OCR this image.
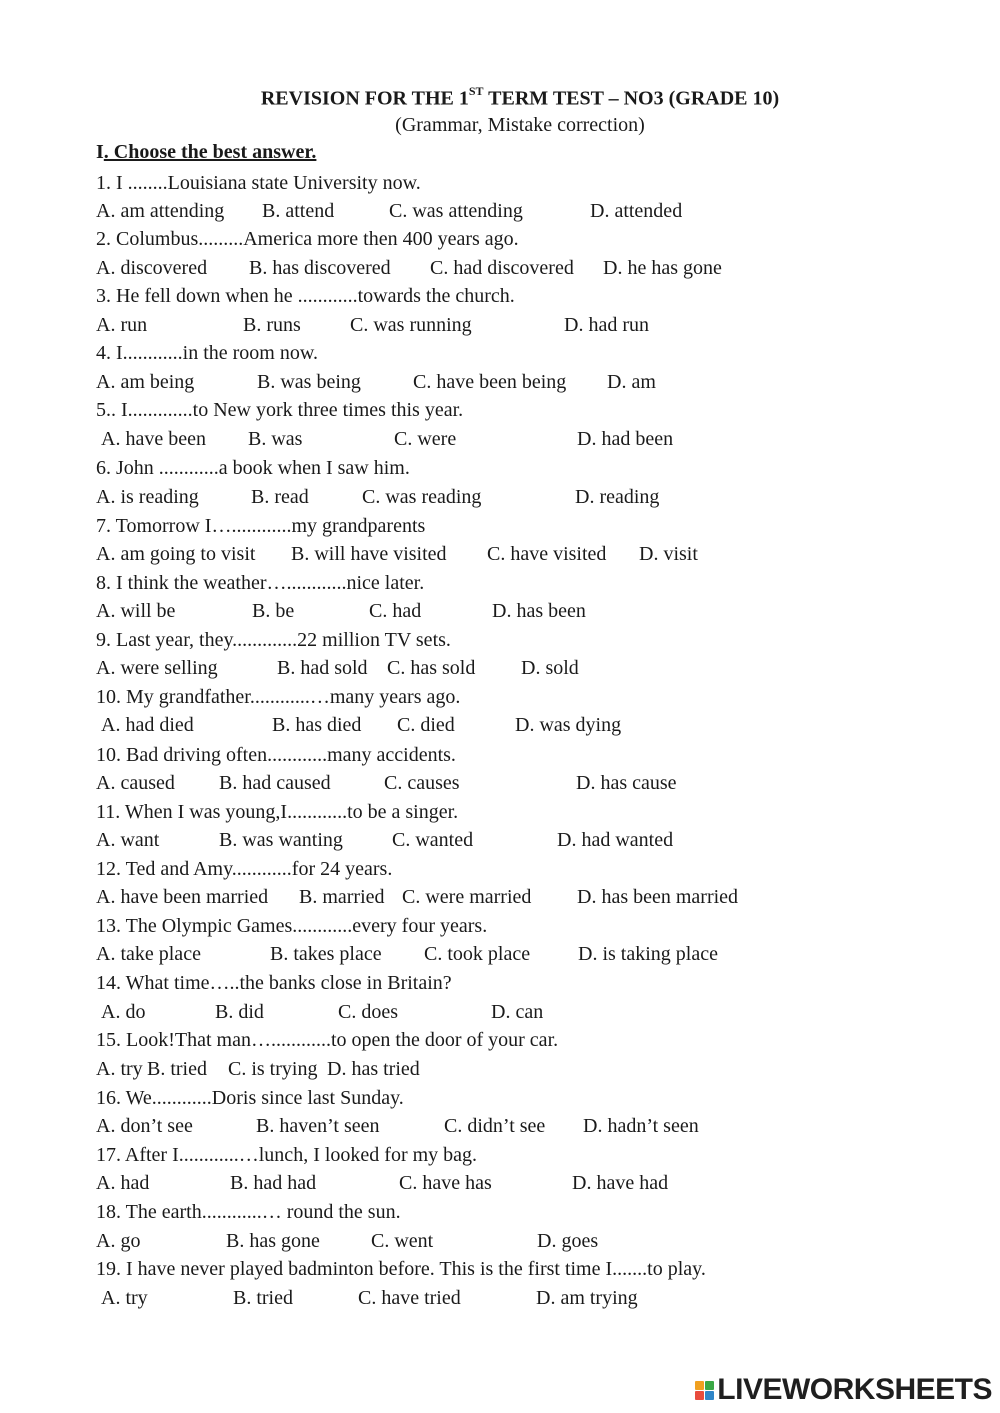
REVISION FOR THE 1ST TERM TEST – NO3 (GRADE 10)
(Grammar, Mistake correction)
I. Choose the best answer.
1. I ........Louisiana state University now.
A. am attending B. attend	C. was attending	D. attended
2. Columbus.........America more then 400 years ago.
A. discovered B. has discovered C. had discovered D. he has gone
3. He fell down when he ............towards the church.
A. run	B. runs C. was running	D. had run
4. I............in the room now.
A. am being	B. was being	C. have been being D. am
5.. I.............to New york three times this year.
A. have been B. was	C. were	D. had been
6. John ............a book when I saw him.
A. is reading	B. read	C. was reading	D. reading
7. Tomorrow I…............my grandparents
A. am going to visit B. will have visited C. have visited D. visit
8. I think the weather…............nice later.
A. will be	B. be	C. had	D. has been
9. Last year, they.............22 million TV sets.
A. were selling	B. had sold C. has sold D. sold
10. My grandfather............…many years ago.
A. had died	B. has died C. died	D. was dying
10. Bad driving often............many accidents.
A. caused B. had caused	C. causes	D. has cause
11. When I was young,I............to be a singer.
A. want	B. was wanting C. wanted	D. had wanted
12. Ted and Amy............for 24 years.
A. have been married B. married C. were married D. has been married
13. The Olympic Games............every four years.
A. take place	B. takes place C. took place D. is taking place
14. What time…..the banks close in Britain?
A. do	B. did	C. does	D. can
15. Look!That man…............to open the door of your car.
A. try B. tried C. is trying D. has tried
16. We............Doris since last Sunday.
A. don’t see	B. haven’t seen	C. didn’t see D. hadn’t seen
17. After I............…lunch, I looked for my bag.
A. had	B. had had	C. have has	D. have had
18. The earth............… round the sun.
A. go	B. has gone	C. went	D. goes
19. I have never played badminton before. This is the first time I.......to play.
A. try	B. tried	C. have tried	D. am trying
LIVEWORKSHEETS
